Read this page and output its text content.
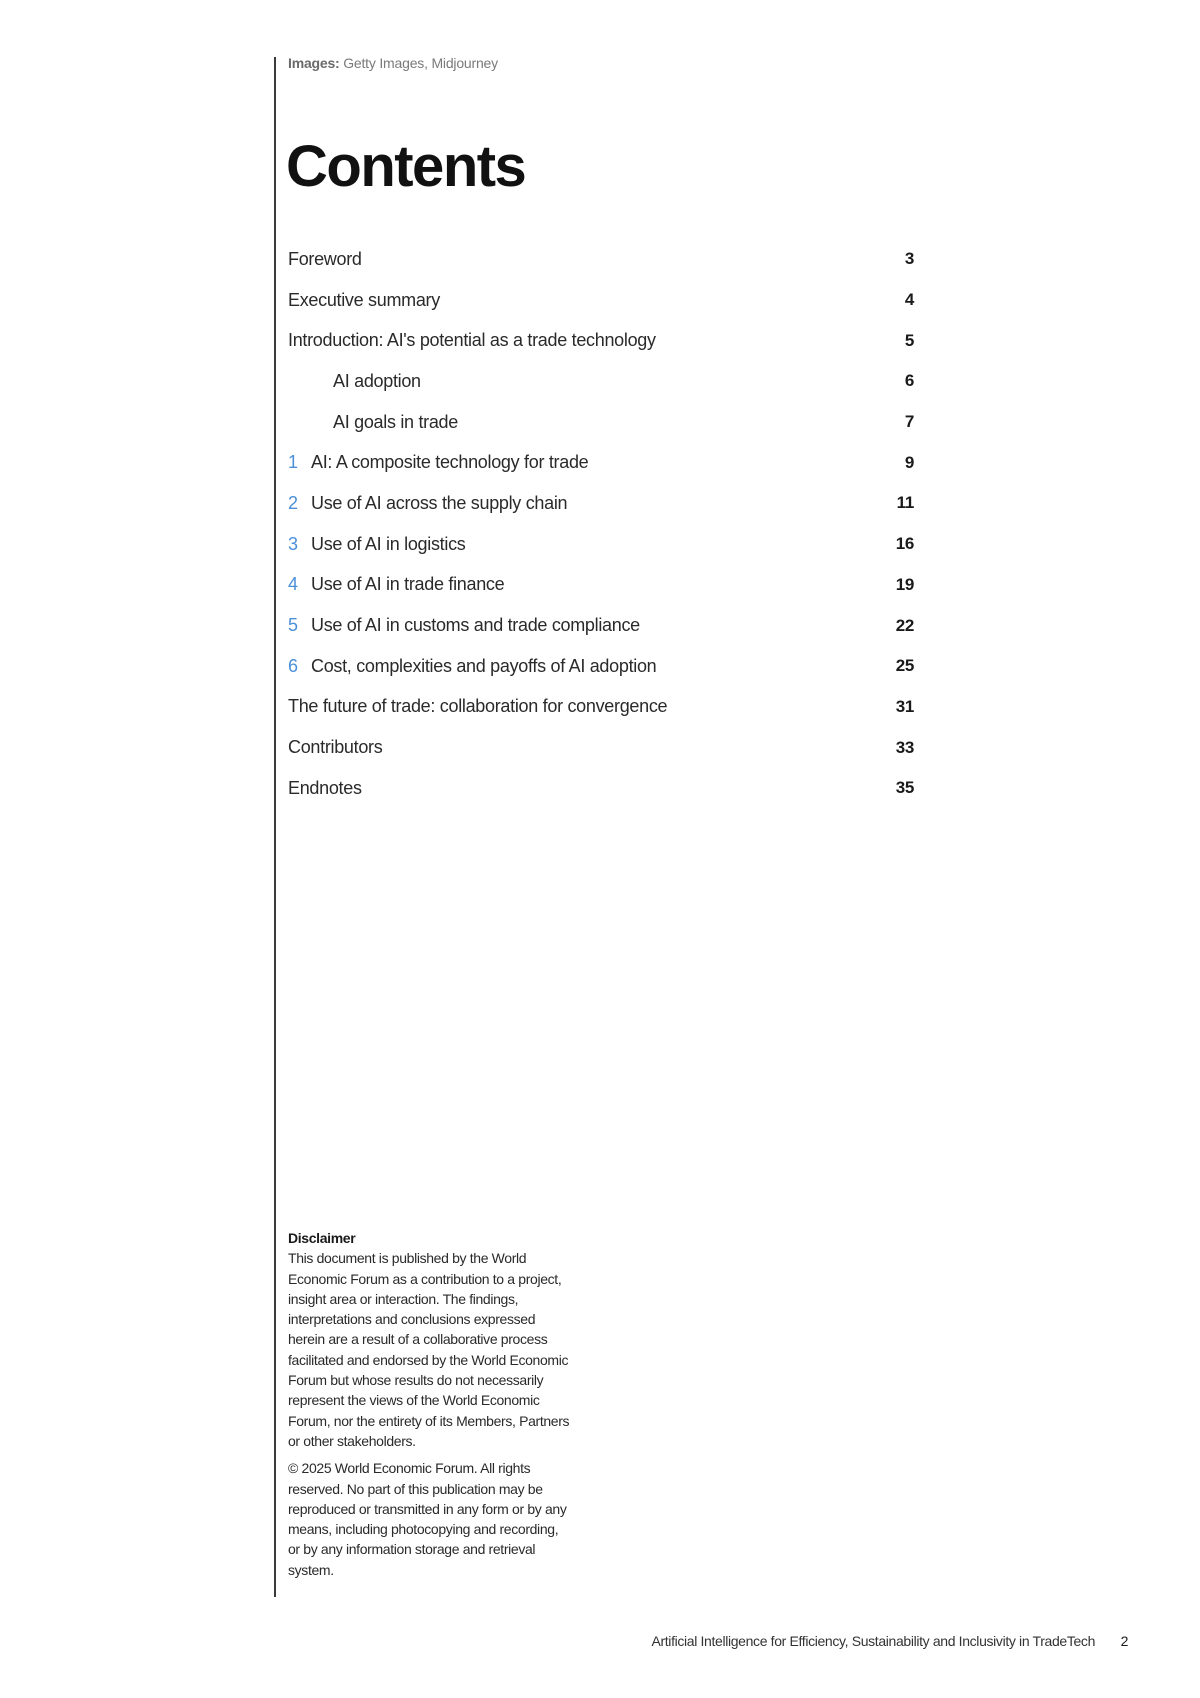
Images: Getty Images, Midjourney
Contents
Foreword	3
Executive summary	4
Introduction: AI's potential as a trade technology	5
AI adoption	6
AI goals in trade	7
1 AI: A composite technology for trade	9
2 Use of AI across the supply chain	11
3 Use of AI in logistics	16
4 Use of AI in trade finance	19
5 Use of AI in customs and trade compliance	22
6 Cost, complexities and payoffs of AI adoption	25
The future of trade: collaboration for convergence	31
Contributors	33
Endnotes	35
Disclaimer

This document is published by the World Economic Forum as a contribution to a project, insight area or interaction. The findings, interpretations and conclusions expressed herein are a result of a collaborative process facilitated and endorsed by the World Economic Forum but whose results do not necessarily represent the views of the World Economic Forum, nor the entirety of its Members, Partners or other stakeholders.

© 2025 World Economic Forum. All rights reserved. No part of this publication may be reproduced or transmitted in any form or by any means, including photocopying and recording, or by any information storage and retrieval system.

Artificial Intelligence for Efficiency, Sustainability and Inclusivity in TradeTech 2
